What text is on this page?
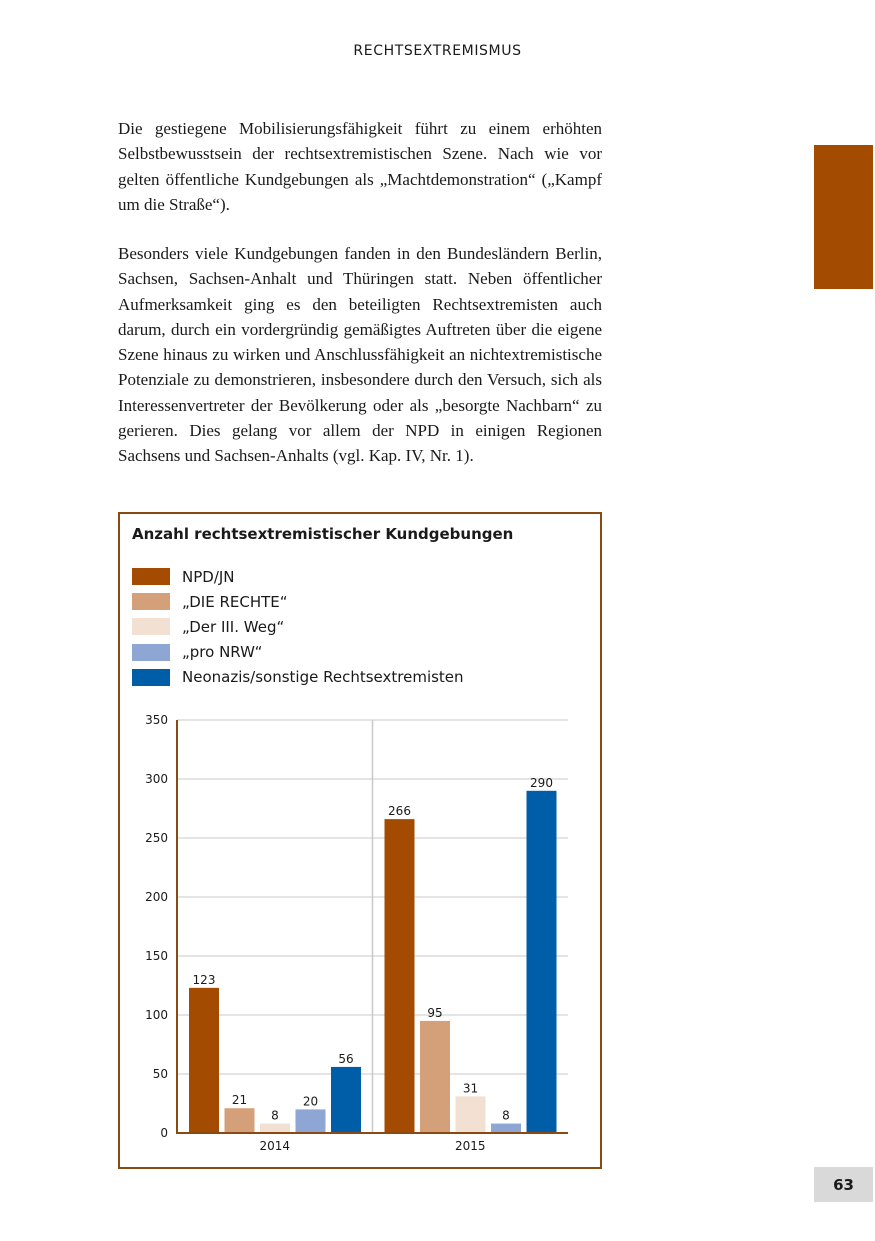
RECHTSEXTREMISMUS

Die gestiegene Mobilisierungsfähigkeit führt zu einem erhöhten Selbstbewusstsein der rechtsextremistischen Szene. Nach wie vor gelten öffentliche Kundgebungen als „Machtdemonstration“ („Kampf um die Straße“).

Besonders viele Kundgebungen fanden in den Bundesländern Berlin, Sachsen, Sachsen-Anhalt und Thüringen statt. Neben öffentlicher Aufmerksamkeit ging es den beteiligten Rechtsextremisten auch darum, durch ein vordergründig gemäßigtes Auftreten über die eigene Szene hinaus zu wirken und Anschlussfähigkeit an nichtextremistische Potenziale zu demonstrieren, insbesondere durch den Versuch, sich als Interessenvertreter der Bevölkerung oder als „besorgte Nachbarn“ zu gerieren. Dies gelang vor allem der NPD in einigen Regionen Sachsens und Sachsen-Anhalts (vgl. Kap. IV, Nr. 1).

Anzahl rechtsextremistischer Kundgebungen
NPD/JN
„DIE RECHTE“
„Der III. Weg“
„pro NRW“
Neonazis/sonstige Rechtsextremisten
0
50
100
150
200
250
300
350
123
21
8
20
56
2014
266
95
31
8
290
2015
63
